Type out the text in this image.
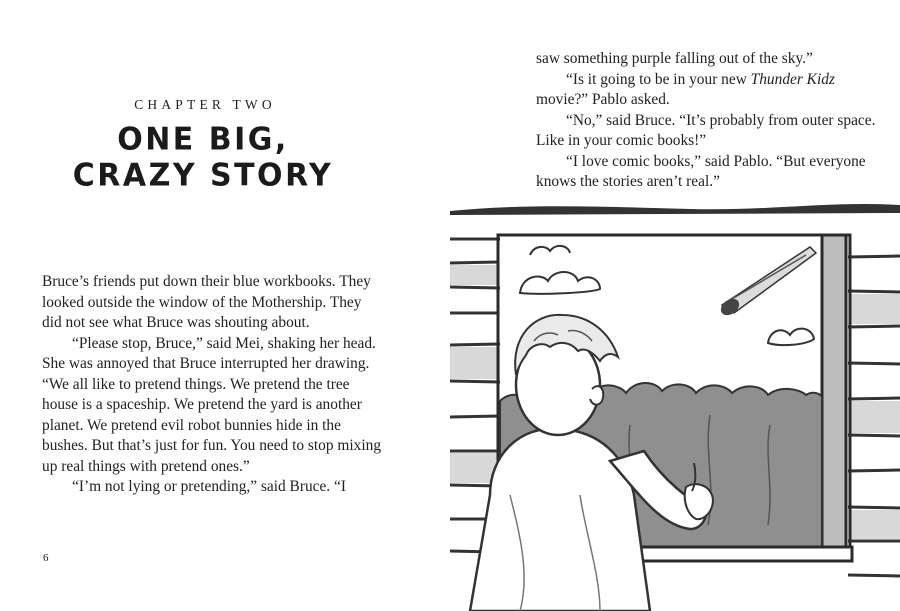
CHAPTER TWO
ONE BIG,
CRAZY STORY

Bruce’s friends put down their blue workbooks. They looked outside the window of the Mothership. They did not see what Bruce was shouting about.

“Please stop, Bruce,” said Mei, shaking her head. She was annoyed that Bruce interrupted her drawing. “We all like to pretend things. We pretend the tree house is a spaceship. We pretend the yard is another planet. We pretend evil robot bunnies hide in the bushes. But that’s just for fun. You need to stop mixing up real things with pretend ones.”

“I’m not lying or pretending,” said Bruce. “I

6

saw something purple falling out of the sky.”

“Is it going to be in your new Thunder Kidz movie?” Pablo asked.

“No,” said Bruce. “It’s probably from outer space. Like in your comic books!”

“I love comic books,” said Pablo. “But everyone knows the stories aren’t real.”
